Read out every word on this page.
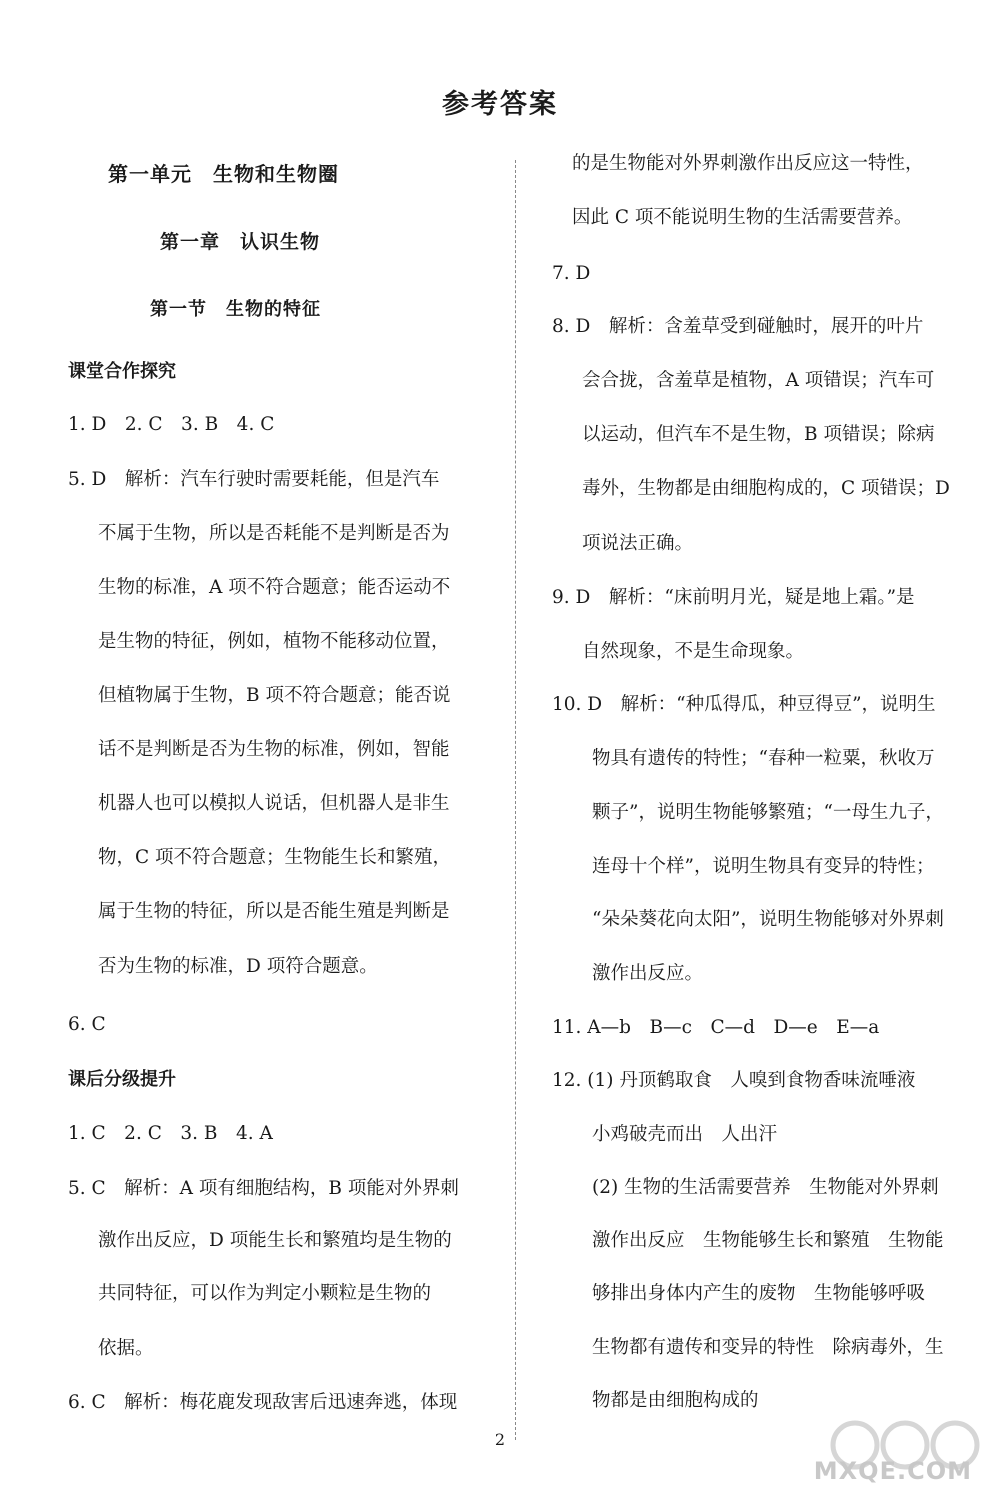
参考答案
第一单元　生物和生物圈
第一章　认识生物
第一节　生物的特征
课堂合作探究
1. D　2. C　3. B　4. C
5. D　解析：汽车行驶时需要耗能，但是汽车
不属于生物，所以是否耗能不是判断是否为
生物的标准，A 项不符合题意；能否运动不
是生物的特征，例如，植物不能移动位置，
但植物属于生物，B 项不符合题意；能否说
话不是判断是否为生物的标准，例如，智能
机器人也可以模拟人说话，但机器人是非生
物，C 项不符合题意；生物能生长和繁殖，
属于生物的特征，所以是否能生殖是判断是
否为生物的标准，D 项符合题意。
6. C
课后分级提升
1. C　2. C　3. B　4. A
5. C　解析：A 项有细胞结构，B 项能对外界刺
激作出反应，D 项能生长和繁殖均是生物的
共同特征，可以作为判定小颗粒是生物的
依据。
6. C　解析：梅花鹿发现敌害后迅速奔逃，体现
的是生物能对外界刺激作出反应这一特性，
因此 C 项不能说明生物的生活需要营养。
7. D
8. D　解析：含羞草受到碰触时，展开的叶片
会合拢，含羞草是植物，A 项错误；汽车可
以运动，但汽车不是生物，B 项错误；除病
毒外，生物都是由细胞构成的，C 项错误；D
项说法正确。
9. D　解析：“床前明月光，疑是地上霜。”是
自然现象，不是生命现象。
10. D　解析：“种瓜得瓜，种豆得豆”，说明生
物具有遗传的特性；“春种一粒粟，秋收万
颗子”，说明生物能够繁殖；“一母生九子，
连母十个样”，说明生物具有变异的特性；
“朵朵葵花向太阳”，说明生物能够对外界刺
激作出反应。
11. A—b　B—c　C—d　D—e　E—a
12. (1) 丹顶鹤取食　人嗅到食物香味流唾液
小鸡破壳而出　人出汗
(2) 生物的生活需要营养　生物能对外界刺
激作出反应　生物能够生长和繁殖　生物能
够排出身体内产生的废物　生物能够呼吸
生物都有遗传和变异的特性　除病毒外，生
物都是由细胞构成的
2
MXQE.COM
